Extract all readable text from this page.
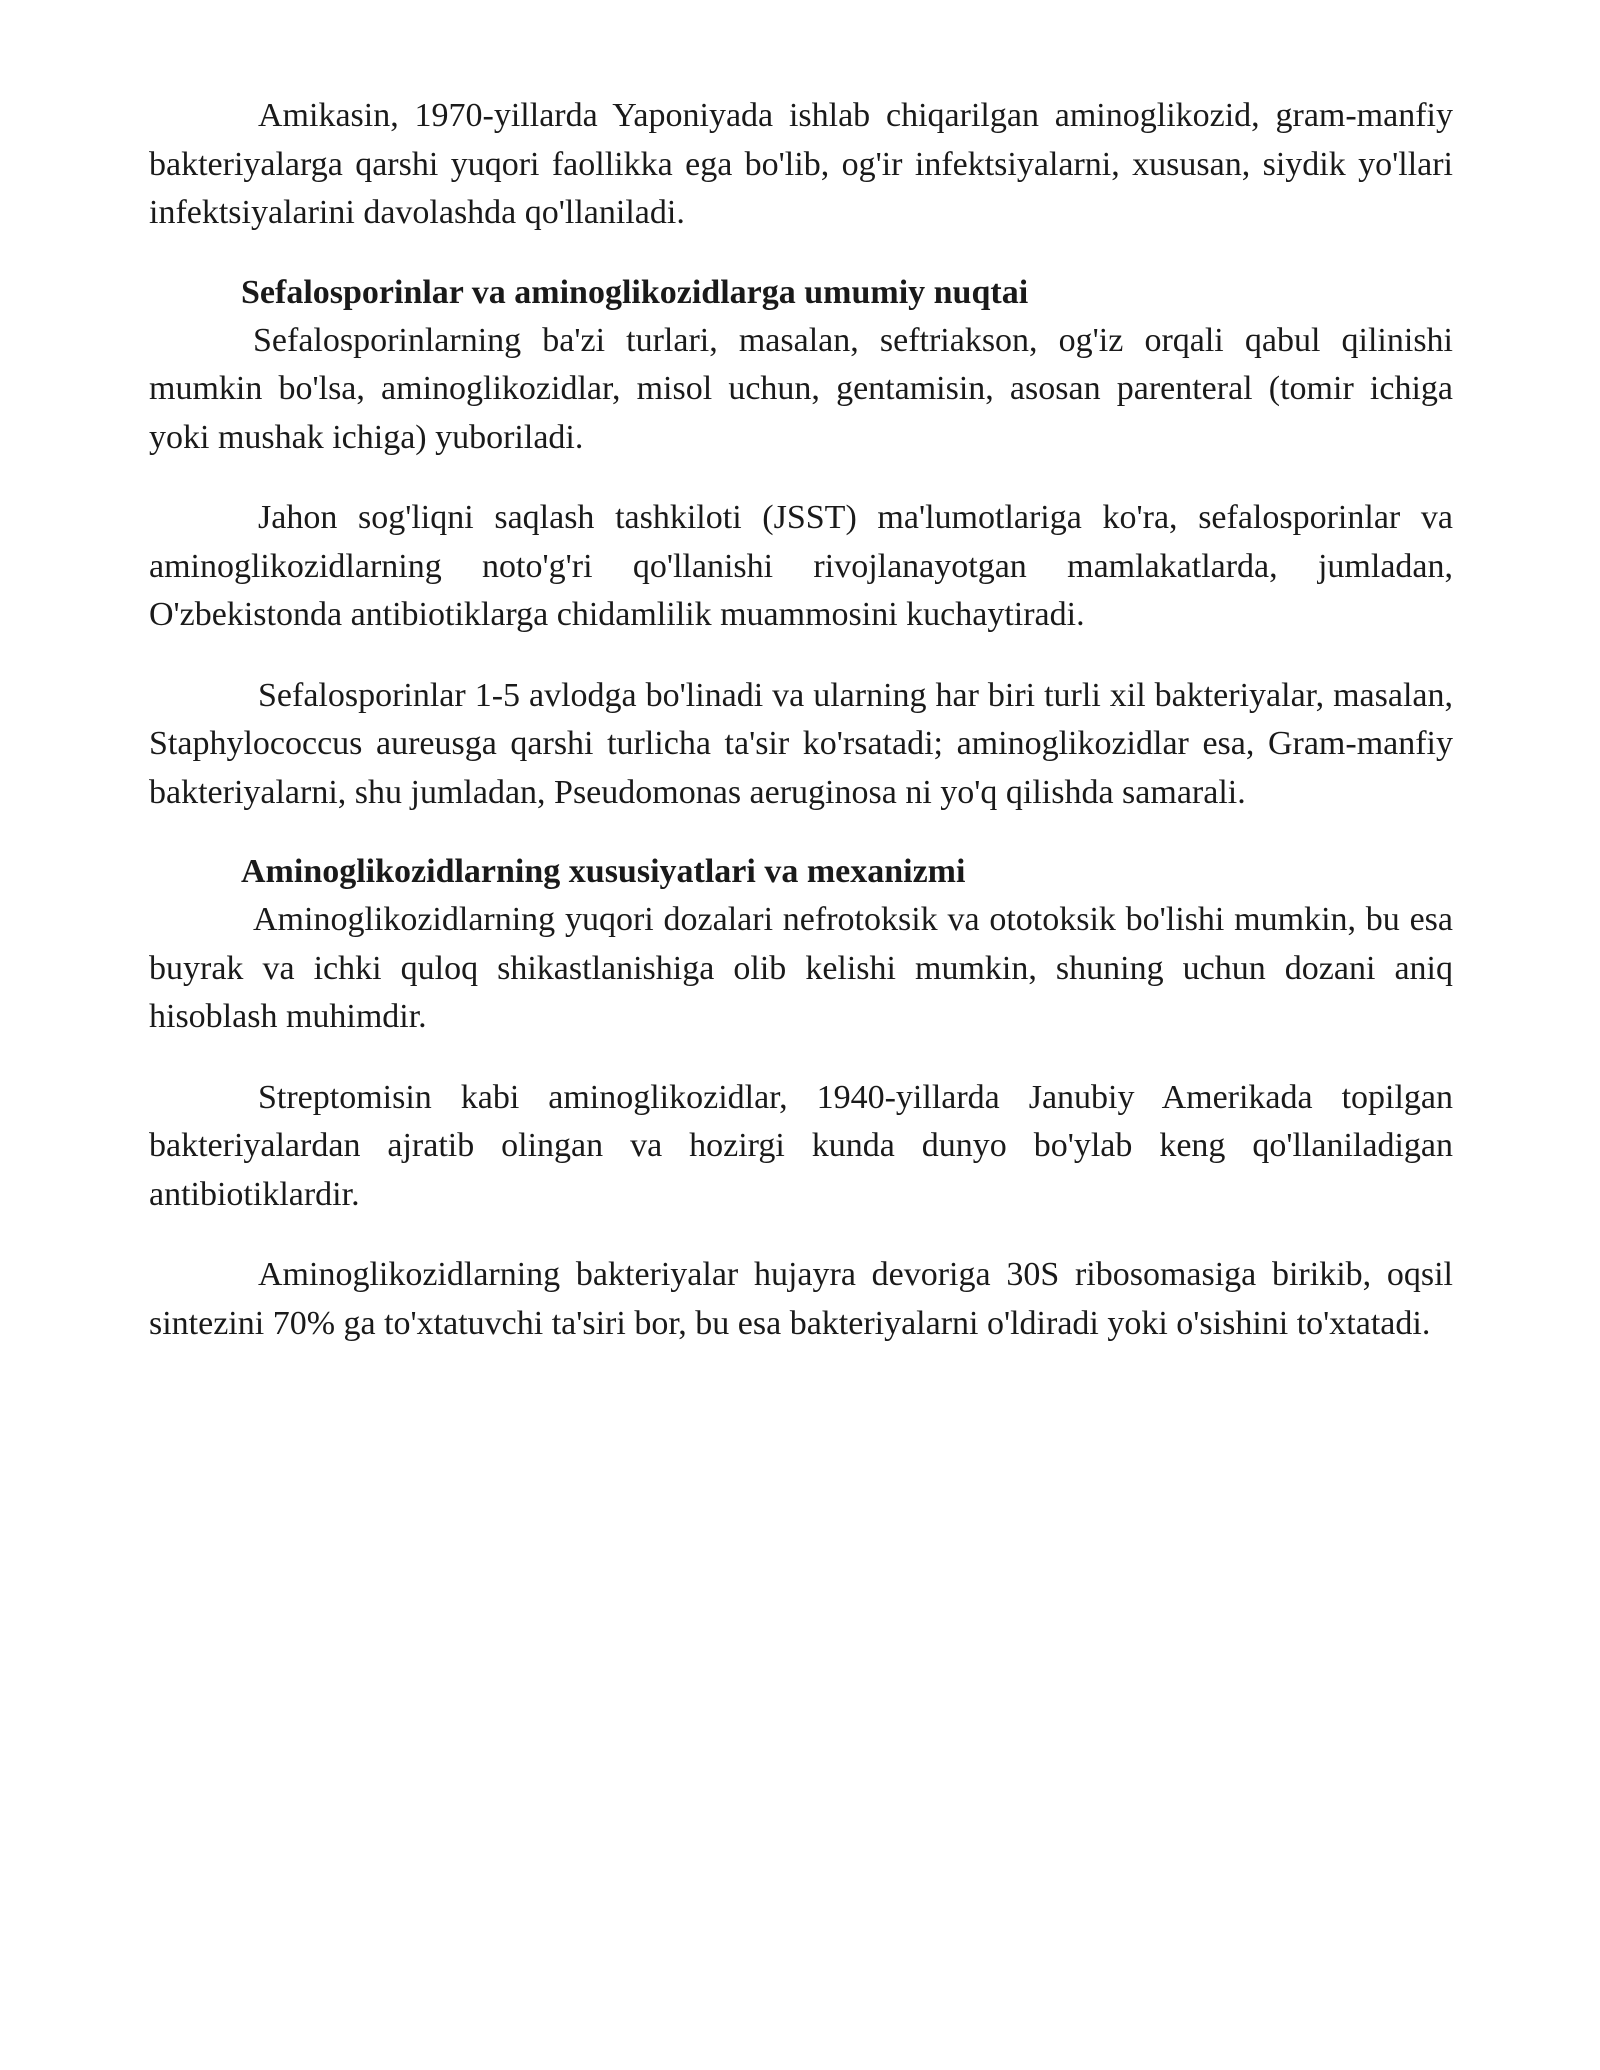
Amikasin, 1970-yillarda Yaponiyada ishlab chiqarilgan aminoglikozid, gram-manfiy bakteriyalarga qarshi yuqori faollikka ega bo'lib, og'ir infektsiyalarni, xususan, siydik yo'llari infektsiyalarini davolashda qo'llaniladi.

Sefalosporinlar va aminoglikozidlarga umumiy nuqtai

Sefalosporinlarning ba'zi turlari, masalan, seftriakson, og'iz orqali qabul qilinishi mumkin bo'lsa, aminoglikozidlar, misol uchun, gentamisin, asosan parenteral (tomir ichiga yoki mushak ichiga) yuboriladi.

Jahon sog'liqni saqlash tashkiloti (JSST) ma'lumotlariga ko'ra, sefalosporinlar va aminoglikozidlarning noto'g'ri qo'llanishi rivojlanayotgan mamlakatlarda, jumladan, O'zbekistonda antibiotiklarga chidamlilik muammosini kuchaytiradi.

Sefalosporinlar 1-5 avlodga bo'linadi va ularning har biri turli xil bakteriyalar, masalan, Staphylococcus aureusga qarshi turlicha ta'sir ko'rsatadi; aminoglikozidlar esa, Gram-manfiy bakteriyalarni, shu jumladan, Pseudomonas aeruginosa ni yo'q qilishda samarali.

Aminoglikozidlarning xususiyatlari va mexanizmi

Aminoglikozidlarning yuqori dozalari nefrotoksik va ototoksik bo'lishi mumkin, bu esa buyrak va ichki quloq shikastlanishiga olib kelishi mumkin, shuning uchun dozani aniq hisoblash muhimdir.

Streptomisin kabi aminoglikozidlar, 1940-yillarda Janubiy Amerikada topilgan bakteriyalardan ajratib olingan va hozirgi kunda dunyo bo'ylab keng qo'llaniladigan antibiotiklardir.

Aminoglikozidlarning bakteriyalar hujayra devoriga 30S ribosomasiga birikib, oqsil sintezini 70% ga to'xtatuvchi ta'siri bor, bu esa bakteriyalarni o'ldiradi yoki o'sishini to'xtatadi.
